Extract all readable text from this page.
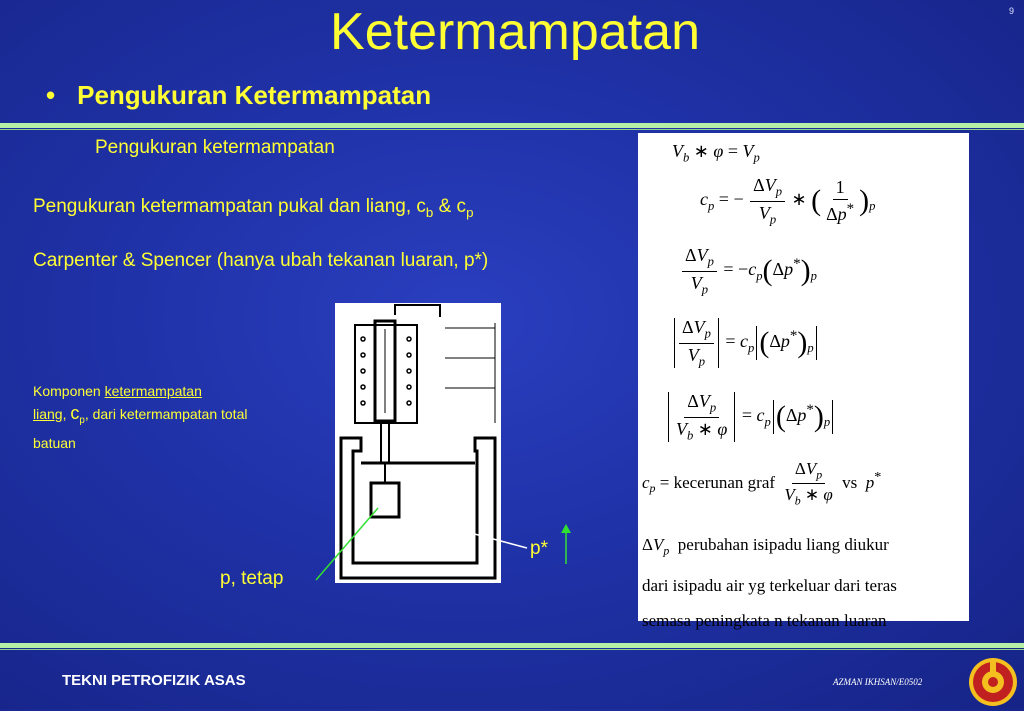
9
Ketermampatan
• Pengukuran Ketermampatan
Pengukuran ketermampatan
Pengukuran ketermampatan pukal dan liang, $c_b$ & $c_p$
Carpenter & Spencer (hanya ubah tekanan luaran, p*)
Komponen ketermampatan
liang, $c_p$, dari ketermampatan total batuan
p, tetap
p*
$V_b$ ∗ $\varphi = V_p$
$c_p$ = − $\frac{\Delta V_p}{V_p}$ ∗ ( $\frac{1}{\Delta p^*} )_p$
$\frac{\Delta V_p}{V_p} = -c_p(\Delta p^*)_p$
$\frac{\Delta V_p}{V_p} = c_p$ $(\Delta p^*)_p$
$\frac{\Delta V_p}{V_b ∗ \varphi} = c_p$ $(\Delta p^*)_p$
$c_p$ = kecerunan graf $\frac{\Delta V_p}{V_b ∗ \varphi}$ vs p*
$\Delta V_p$ perubahan isipadu liang diukur
dari isipadu air yg terkeluar dari teras
semasa peningkata n tekanan luaran
TEKNI PETROFIZIK ASAS	AZMAN IKHSAN/E0502
